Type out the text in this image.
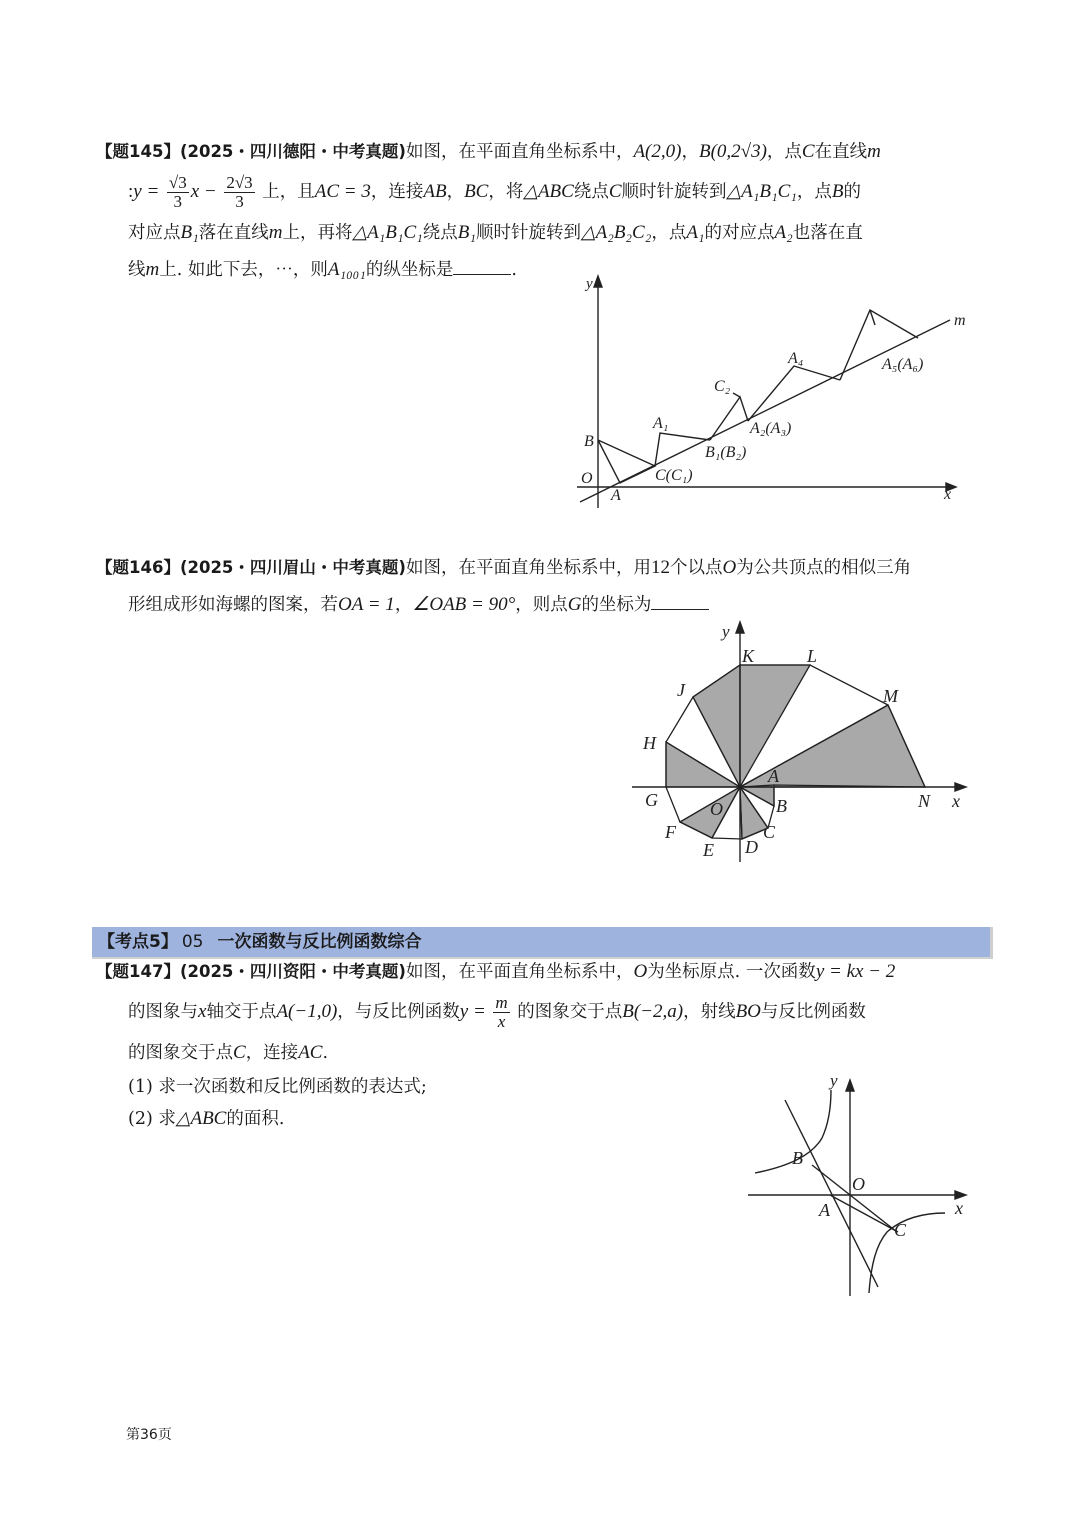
【题145】(2025・四川德阳・中考真题)如图，在平面直角坐标系中，A(2,0)，B(0,2√3)，点C在直线m
:y = $\frac{√3}{3}$ $x - \frac{2√3}{3}$ 上，且AC = 3，连接AB，BC，将△ABC绕点C顺时针旋转到△A₁B₁C₁，点B的
对应点B₁落在直线m上，再将△A₁B₁C₁绕点B₁顺时针旋转到△A₂B₂C₂，点A₁的对应点A₂也落在直
线m上. 如此下去，⋯，则A₁₀₀₁的纵坐标是	.
y
x
m
O
A
B
C(C₁)
B₁(B₂)
A₁
C₂
A₂(A₃)
A₄	A₅(A₆)
【题146】(2025・四川眉山・中考真题)如图，在平面直角坐标系中，用12个以点O为公共顶点的相似三角
形组成形如海螺的图案，若OA = 1，∠OAB = 90°，则点G的坐标为
y
x
K	L
M
J
H
G	N
A
B
C
D
E
F
O
【考点5】 05 一次函数与反比例函数综合
【题147】(2025・四川资阳・中考真题)如图，在平面直角坐标系中，O为坐标原点. 一次函数y = kx − 2
的图象与x轴交于点A(−1,0)，与反比例函数$y = \frac{m}{x}$ 的图象交于点B(−2,a)，射线BO与反比例函数
的图象交于点C，连接AC.
(1) 求一次函数和反比例函数的表达式;
(2) 求△ABC的面积.
y
x
O
A
B
C
第36页
